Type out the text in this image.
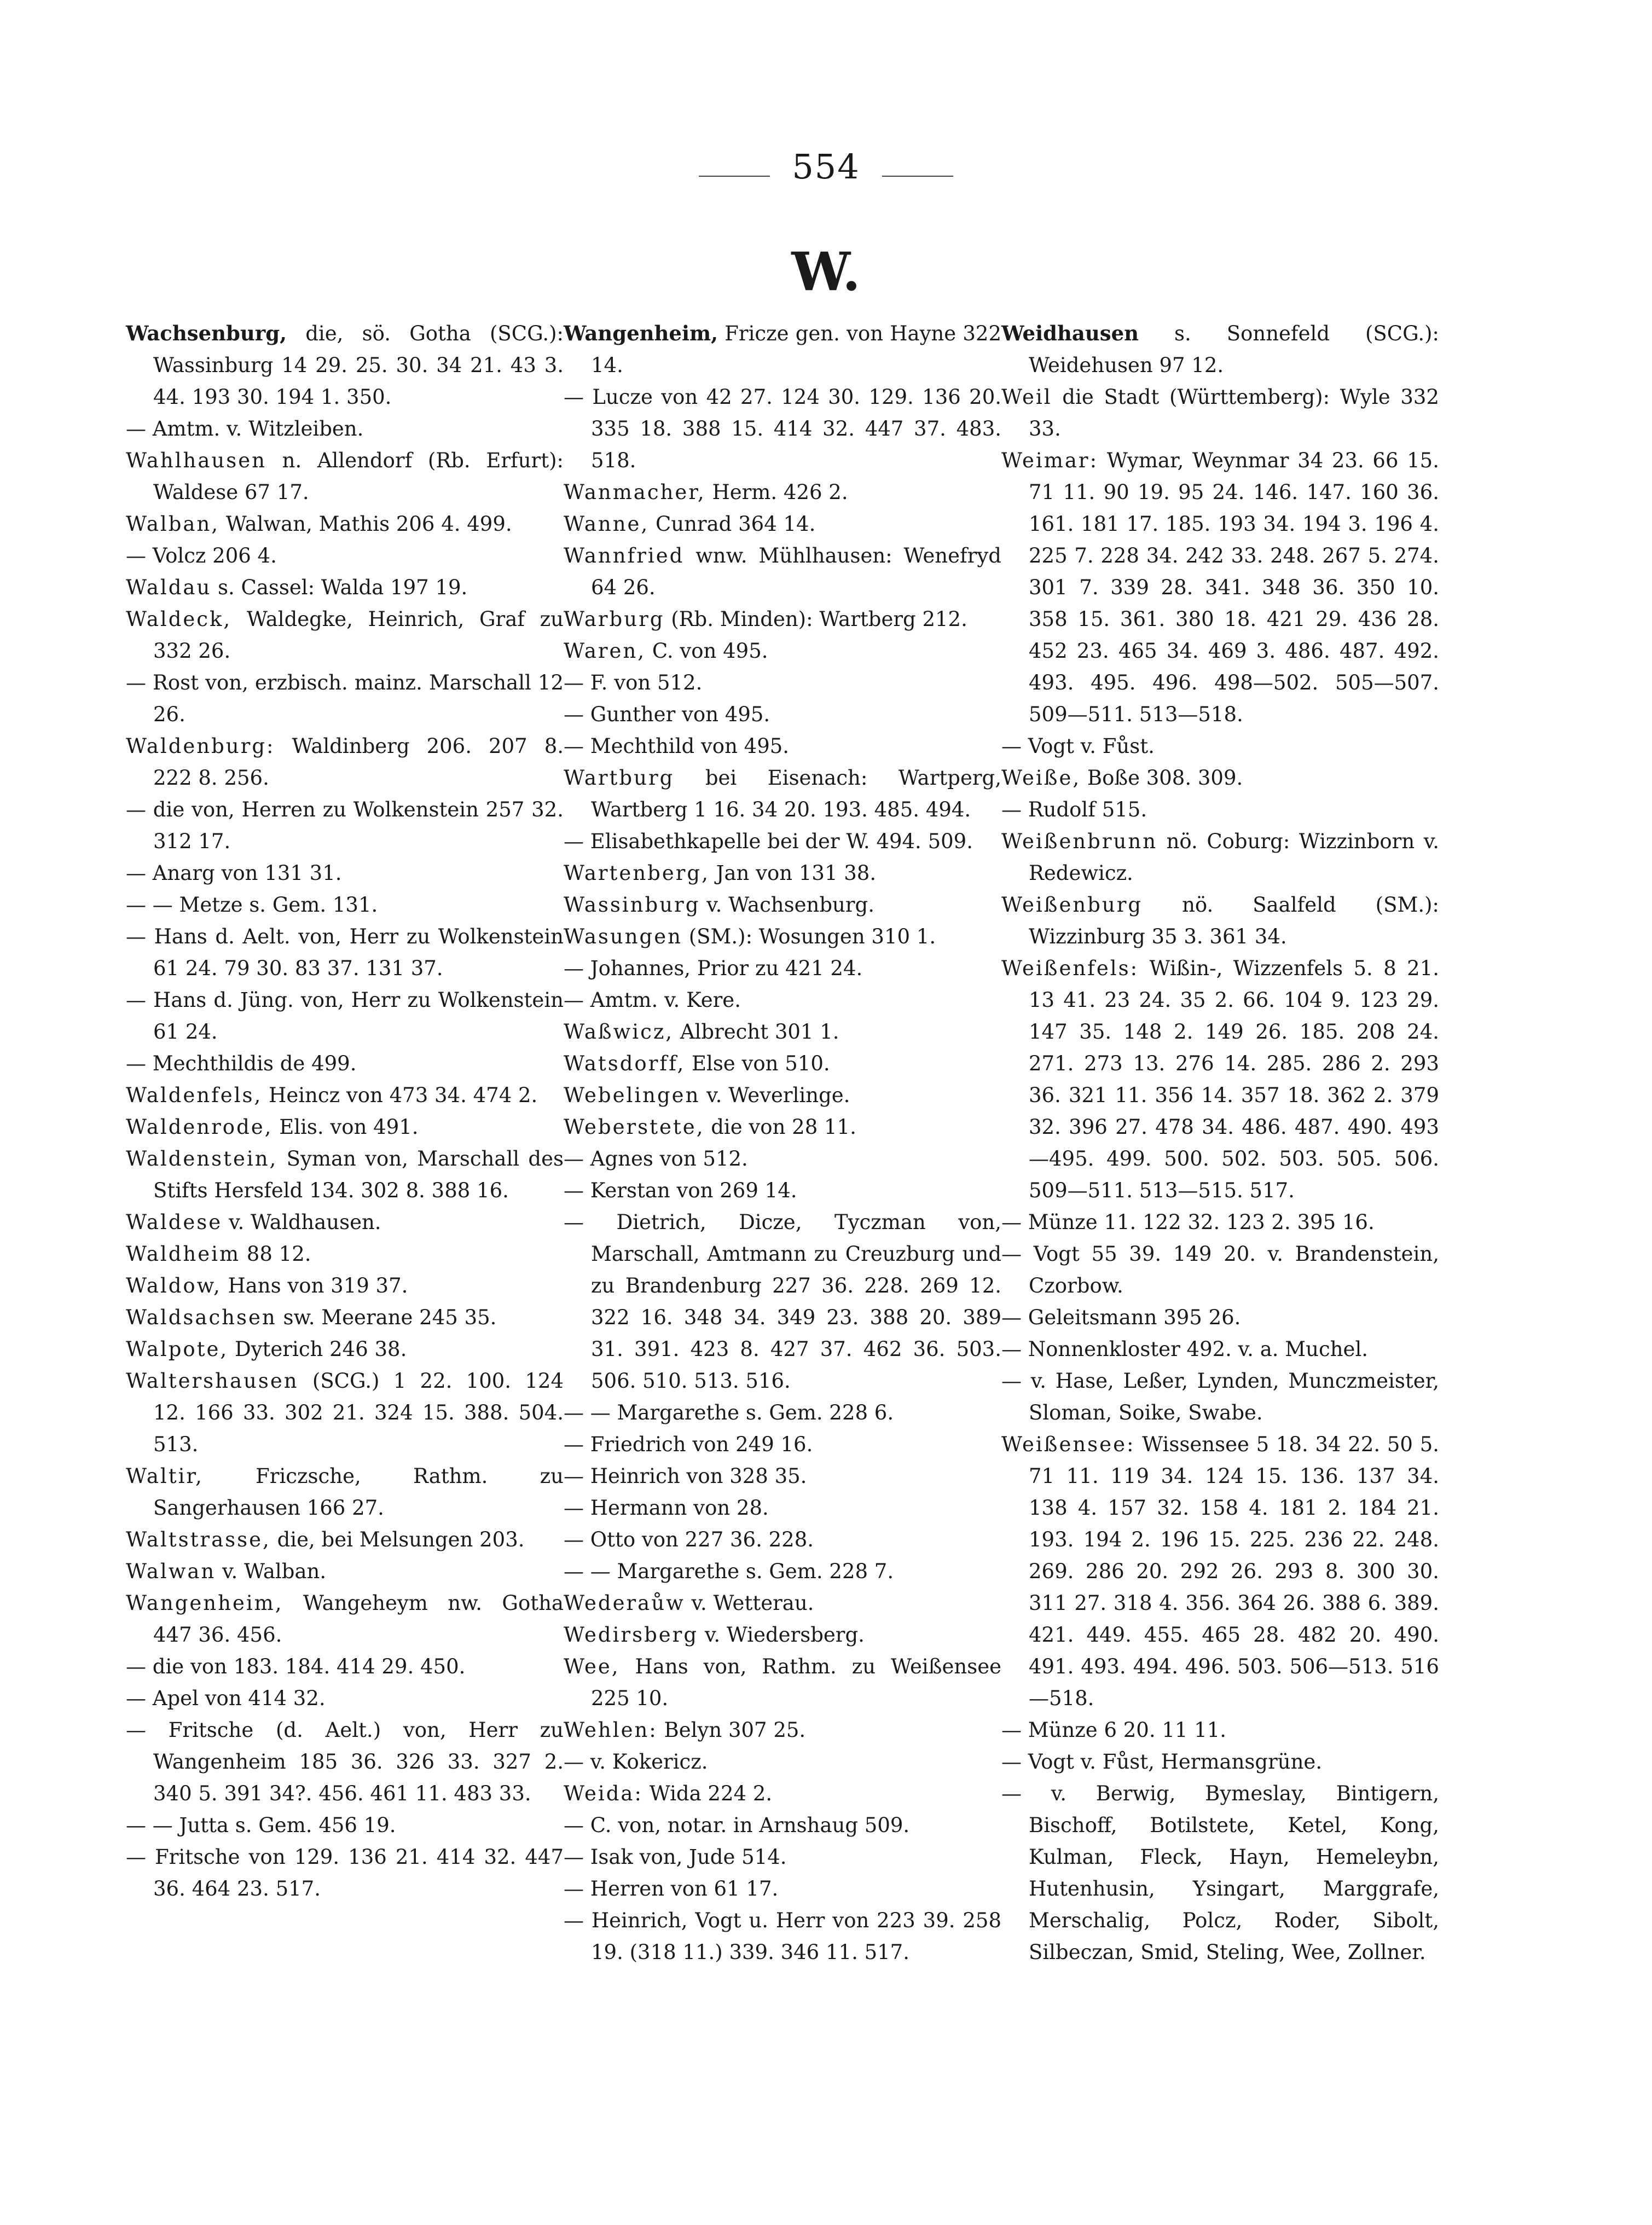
554
W.
Wachsenburg, die, sö. Gotha (SCG.): Wassinburg 14 29. 25. 30. 34 21. 43 3. 44. 193 30. 194 1. 350.
— Amtm. v. Witzleiben.
Wahlhausen n. Allendorf (Rb. Erfurt): Waldese 67 17.
Walban, Walwan, Mathis 206 4. 499.
— Volcz 206 4.
Waldau s. Cassel: Walda 197 19.
Waldeck, Waldegke, Heinrich, Graf zu 332 26.
— Rost von, erzbisch. mainz. Marschall 12 26.
Waldenburg: Waldinberg 206. 207 8. 222 8. 256.
— die von, Herren zu Wolkenstein 257 32. 312 17.
— Anarg von 131 31.
— — Metze s. Gem. 131.
— Hans d. Aelt. von, Herr zu Wolkenstein 61 24. 79 30. 83 37. 131 37.
— Hans d. Jüng. von, Herr zu Wolkenstein 61 24.
— Mechthildis de 499.
Waldenfels, Heincz von 473 34. 474 2.
Waldenrode, Elis. von 491.
Waldenstein, Syman von, Marschall des Stifts Hersfeld 134. 302 8. 388 16.
Waldese v. Waldhausen.
Waldheim 88 12.
Waldow, Hans von 319 37.
Waldsachsen sw. Meerane 245 35.
Walpote, Dyterich 246 38.
Waltershausen (SCG.) 1 22. 100. 124 12. 166 33. 302 21. 324 15. 388. 504. 513.
Waltir, Friczsche, Rathm. zu Sangerhausen 166 27.
Waltstrasse, die, bei Melsungen 203.
Walwan v. Walban.
Wangenheim, Wangeheym nw. Gotha 447 36. 456.
— die von 183. 184. 414 29. 450.
— Apel von 414 32.
— Fritsche (d. Aelt.) von, Herr zu Wangenheim 185 36. 326 33. 327 2. 340 5. 391 34?. 456. 461 11. 483 33.
— — Jutta s. Gem. 456 19.
— Fritsche von 129. 136 21. 414 32. 447 36. 464 23. 517.
Wangenheim, Fricze gen. von Hayne 322 14.
— Lucze von 42 27. 124 30. 129. 136 20. 335 18. 388 15. 414 32. 447 37. 483. 518.
Wanmacher, Herm. 426 2.
Wanne, Cunrad 364 14.
Wannfried wnw. Mühlhausen: Wenefryd 64 26.
Warburg (Rb. Minden): Wartberg 212.
Waren, C. von 495.
— F. von 512.
— Gunther von 495.
— Mechthild von 495.
Wartburg bei Eisenach: Wartperg, Wartberg 1 16. 34 20. 193. 485. 494.
— Elisabethkapelle bei der W. 494. 509.
Wartenberg, Jan von 131 38.
Wassinburg v. Wachsenburg.
Wasungen (SM.): Wosungen 310 1.
— Johannes, Prior zu 421 24.
— Amtm. v. Kere.
Waßwicz, Albrecht 301 1.
Watsdorff, Else von 510.
Webelingen v. Weverlinge.
Weberstete, die von 28 11.
— Agnes von 512.
— Kerstan von 269 14.
— Dietrich, Dicze, Tyczman von, Marschall, Amtmann zu Creuzburg und zu Brandenburg 227 36. 228. 269 12. 322 16. 348 34. 349 23. 388 20. 389 31. 391. 423 8. 427 37. 462 36. 503. 506. 510. 513. 516.
— — Margarethe s. Gem. 228 6.
— Friedrich von 249 16.
— Heinrich von 328 35.
— Hermann von 28.
— Otto von 227 36. 228.
— — Margarethe s. Gem. 228 7.
Wederaůw v. Wetterau.
Wedirsberg v. Wiedersberg.
Wee, Hans von, Rathm. zu Weißensee 225 10.
Wehlen: Belyn 307 25.
— v. Kokericz.
Weida: Wida 224 2.
— C. von, notar. in Arnshaug 509.
— Isak von, Jude 514.
— Herren von 61 17.
— Heinrich, Vogt u. Herr von 223 39. 258 19. (318 11.) 339. 346 11. 517.
Weidhausen s. Sonnefeld (SCG.): Weidehusen 97 12.
Weil die Stadt (Württemberg): Wyle 332 33.
Weimar: Wymar, Weynmar 34 23. 66 15. 71 11. 90 19. 95 24. 146. 147. 160 36. 161. 181 17. 185. 193 34. 194 3. 196 4. 225 7. 228 34. 242 33. 248. 267 5. 274. 301 7. 339 28. 341. 348 36. 350 10. 358 15. 361. 380 18. 421 29. 436 28. 452 23. 465 34. 469 3. 486. 487. 492. 493. 495. 496. 498—502. 505—507. 509—511. 513—518.
— Vogt v. Fůst.
Weiße, Boße 308. 309.
— Rudolf 515.
Weißenbrunn nö. Coburg: Wizzinborn v. Redewicz.
Weißenburg nö. Saalfeld (SM.): Wizzinburg 35 3. 361 34.
Weißenfels: Wißin-, Wizzenfels 5. 8 21. 13 41. 23 24. 35 2. 66. 104 9. 123 29. 147 35. 148 2. 149 26. 185. 208 24. 271. 273 13. 276 14. 285. 286 2. 293 36. 321 11. 356 14. 357 18. 362 2. 379 32. 396 27. 478 34. 486. 487. 490. 493—495. 499. 500. 502. 503. 505. 506. 509—511. 513—515. 517.
— Münze 11. 122 32. 123 2. 395 16.
— Vogt 55 39. 149 20. v. Brandenstein, Czorbow.
— Geleitsmann 395 26.
— Nonnenkloster 492. v. a. Muchel.
— v. Hase, Leßer, Lynden, Munczmeister, Sloman, Soike, Swabe.
Weißensee: Wissensee 5 18. 34 22. 50 5. 71 11. 119 34. 124 15. 136. 137 34. 138 4. 157 32. 158 4. 181 2. 184 21. 193. 194 2. 196 15. 225. 236 22. 248. 269. 286 20. 292 26. 293 8. 300 30. 311 27. 318 4. 356. 364 26. 388 6. 389. 421. 449. 455. 465 28. 482 20. 490. 491. 493. 494. 496. 503. 506—513. 516—518.
— Münze 6 20. 11 11.
— Vogt v. Fůst, Hermansgrüne.
— v. Berwig, Bymeslay, Bintigern, Bischoff, Botilstete, Ketel, Kong, Kulman, Fleck, Hayn, Hemeleybn, Hutenhusin, Ysingart, Marggrafe, Merschalig, Polcz, Roder, Sibolt, Silbeczan, Smid, Steling, Wee, Zollner.
